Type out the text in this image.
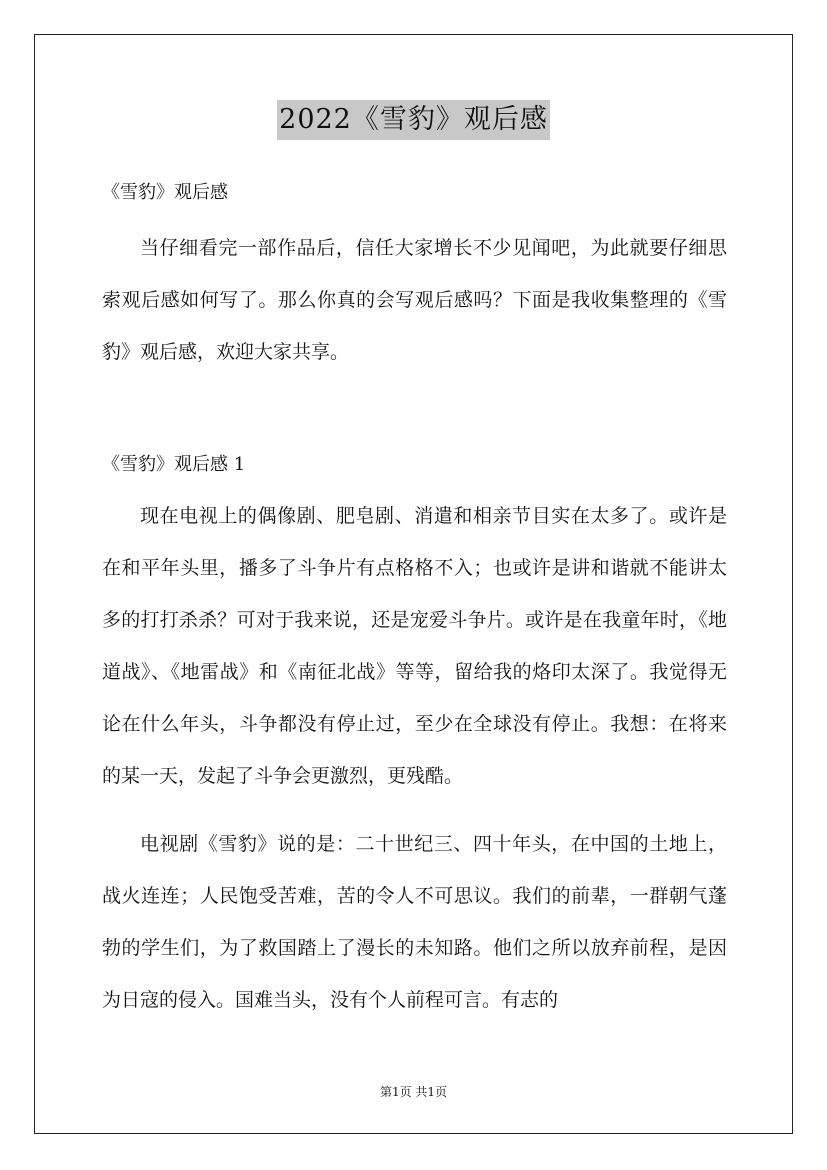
2022《雪豹》观后感
《雪豹》观后感

当仔细看完一部作品后，信任大家增长不少见闻吧，为此就要仔细思索观后感如何写了。那么你真的会写观后感吗？下面是我收集整理的《雪豹》观后感，欢迎大家共享。

《雪豹》观后感 1

现在电视上的偶像剧、肥皂剧、消遣和相亲节目实在太多了。或许是在和平年头里，播多了斗争片有点格格不入；也或许是讲和谐就不能讲太多的打打杀杀？可对于我来说，还是宠爱斗争片。或许是在我童年时，《地道战》、《地雷战》和《南征北战》等等，留给我的烙印太深了。我觉得无论在什么年头，斗争都没有停止过，至少在全球没有停止。我想：在将来的某一天，发起了斗争会更激烈，更残酷。

电视剧《雪豹》说的是：二十世纪三、四十年头，在中国的土地上，战火连连；人民饱受苦难，苦的令人不可思议。我们的前辈，一群朝气蓬勃的学生们，为了救国踏上了漫长的未知路。他们之所以放弃前程，是因为日寇的侵入。国难当头，没有个人前程可言。有志的

第1页 共1页
